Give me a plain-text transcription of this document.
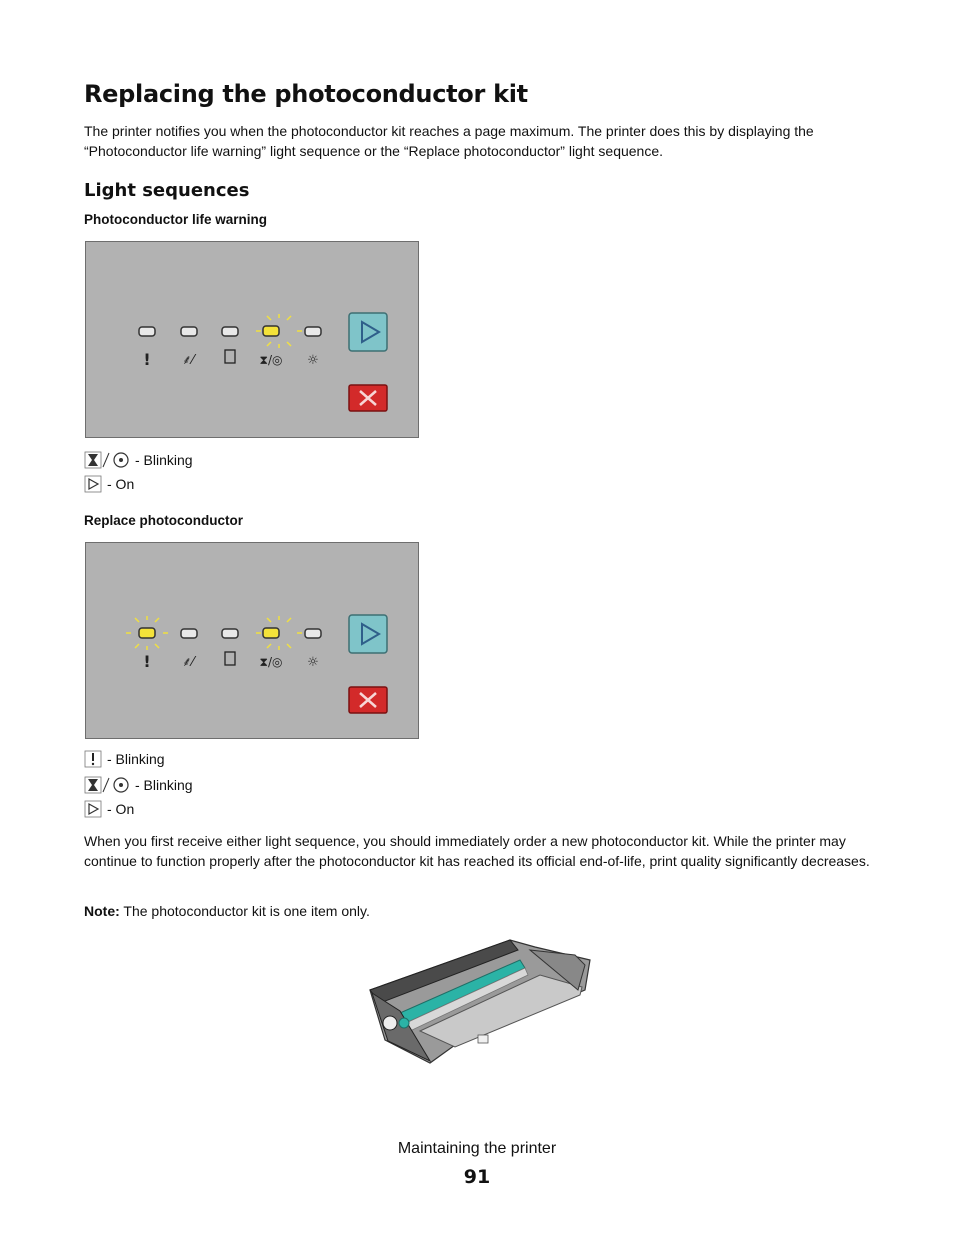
Replacing the photoconductor kit
The printer notifies you when the photoconductor kit reaches a page maximum. The printer does this by displaying the “Photoconductor life warning” light sequence or the “Replace photoconductor” light sequence.
Light sequences
Photoconductor life warning
! ⸙⁄	⧗/◎ ☼
- Blinking
- On
Replace photoconductor
! ⸙⁄	⧗/◎ ☼
- Blinking
- Blinking
- On
When you first receive either light sequence, you should immediately order a new photoconductor kit. While the printer may continue to function properly after the photoconductor kit has reached its official end-of-life, print quality significantly decreases.
Note: The photoconductor kit is one item only.
Maintaining the printer
91
